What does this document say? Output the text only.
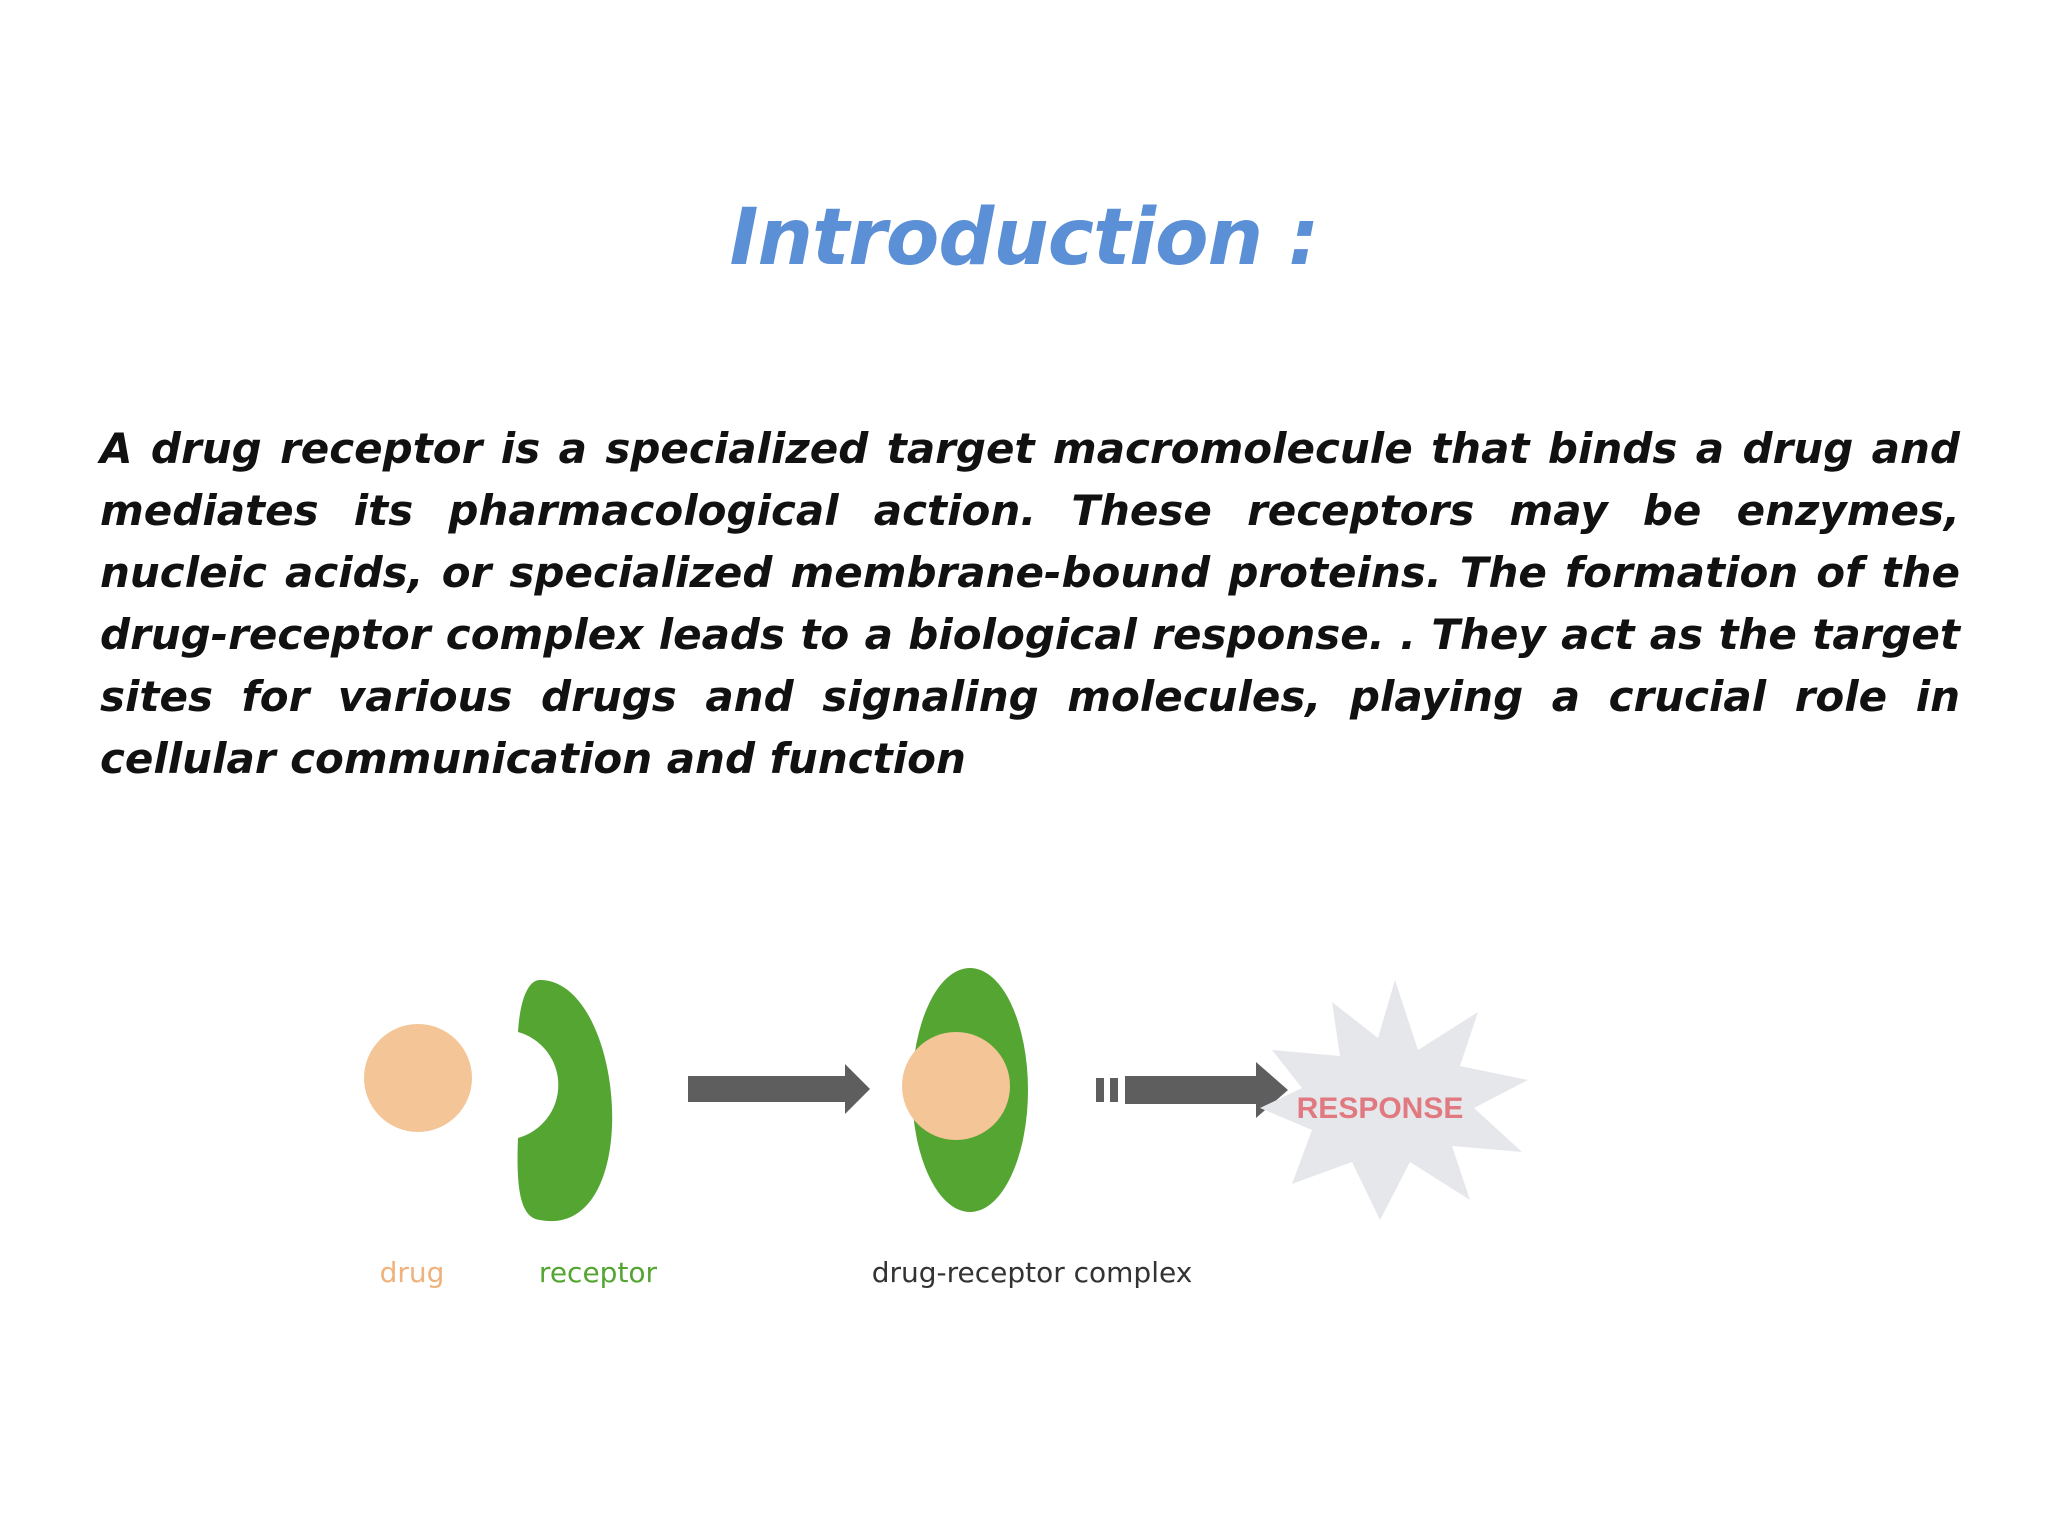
Introduction :
A drug receptor is a specialized target macromolecule that binds a drug and mediates its pharmacological action. These receptors may be enzymes, nucleic acids, or specialized membrane-bound proteins. The formation of the drug-receptor complex leads to a biological response. . They act as the target sites for various drugs and signaling molecules, playing a crucial role in cellular communication and function
RESPONSE
drug	receptor	drug-receptor complex
